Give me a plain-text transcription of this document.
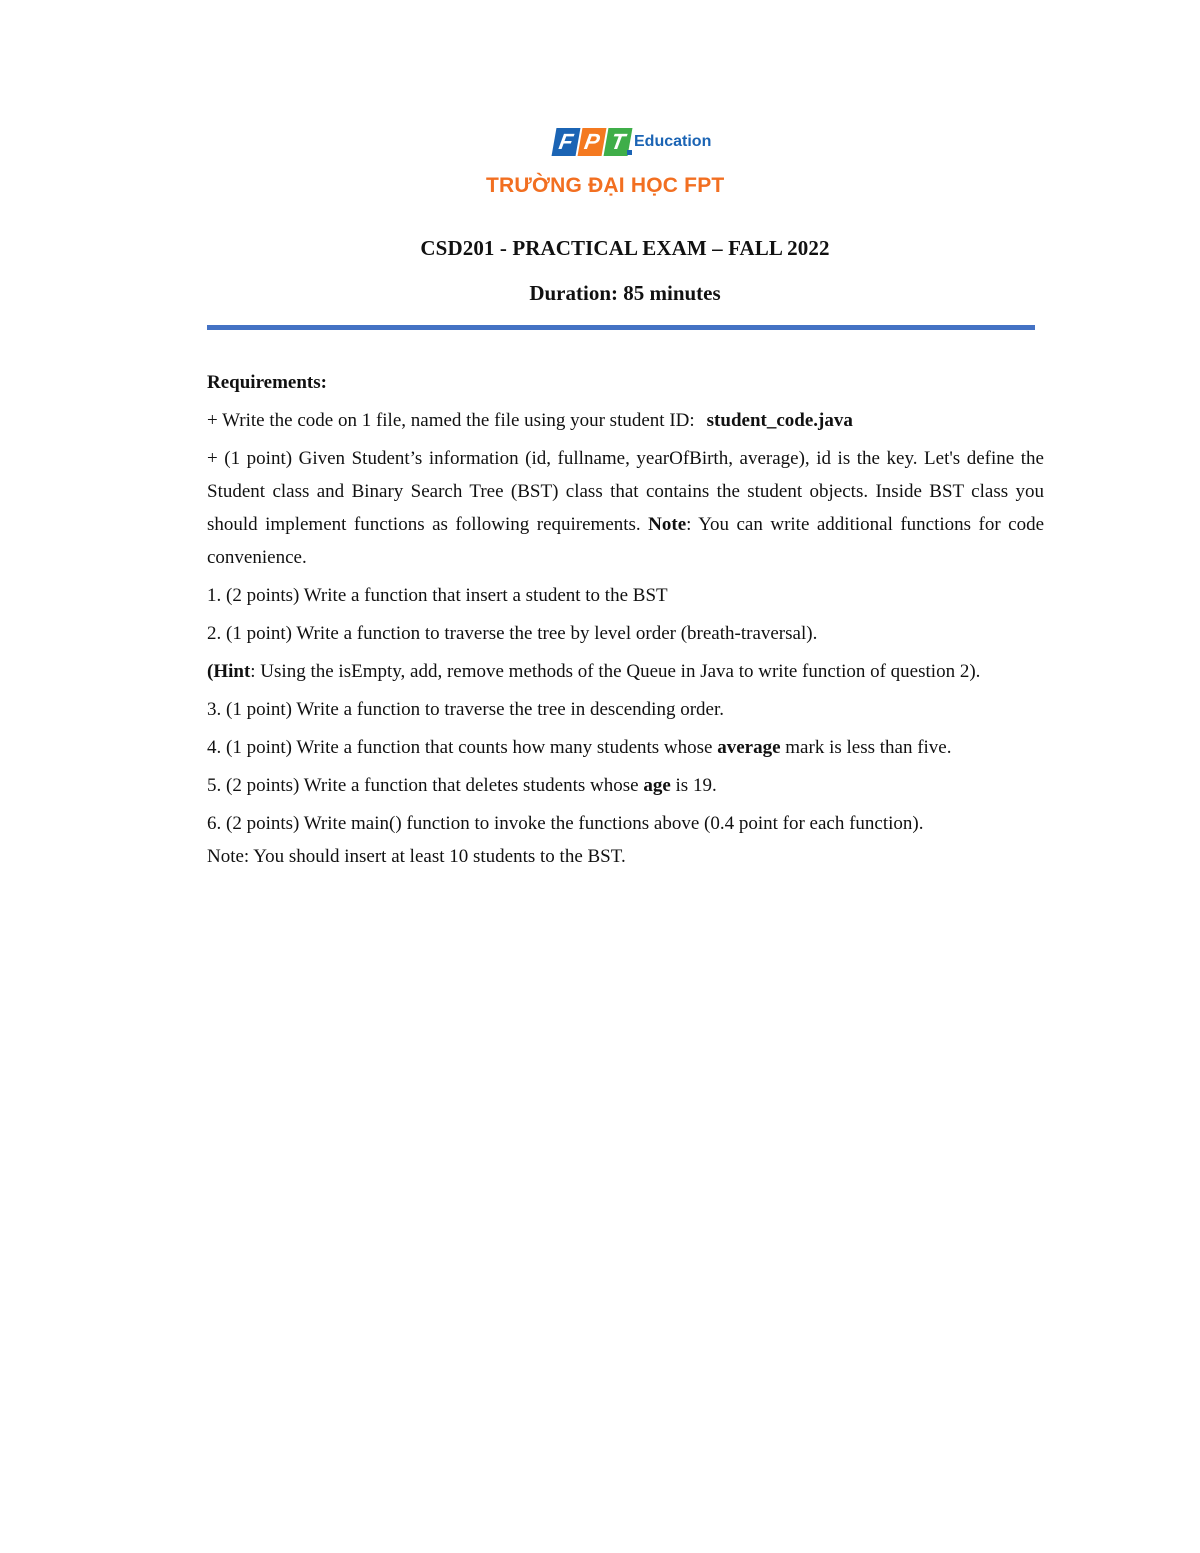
F P T Education
TRƯỜNG ĐẠI HỌC FPT
CSD201 - PRACTICAL EXAM – FALL 2022
Duration: 85 minutes

Requirements:

+ Write the code on 1 file, named the file using your student ID: student_code.java

+ (1 point) Given Student’s information (id, fullname, yearOfBirth, average), id is the key. Let's define the Student class and Binary Search Tree (BST) class that contains the student objects. Inside BST class you should implement functions as following requirements. Note: You can write additional functions for code convenience.

1. (2 points) Write a function that insert a student to the BST

2. (1 point) Write a function to traverse the tree by level order (breath-traversal).

(Hint: Using the isEmpty, add, remove methods of the Queue in Java to write function of question 2).

3. (1 point) Write a function to traverse the tree in descending order.

4. (1 point) Write a function that counts how many students whose average mark is less than five.

5. (2 points) Write a function that deletes students whose age is 19.

6. (2 points) Write main() function to invoke the functions above (0.4 point for each function).
Note: You should insert at least 10 students to the BST.
